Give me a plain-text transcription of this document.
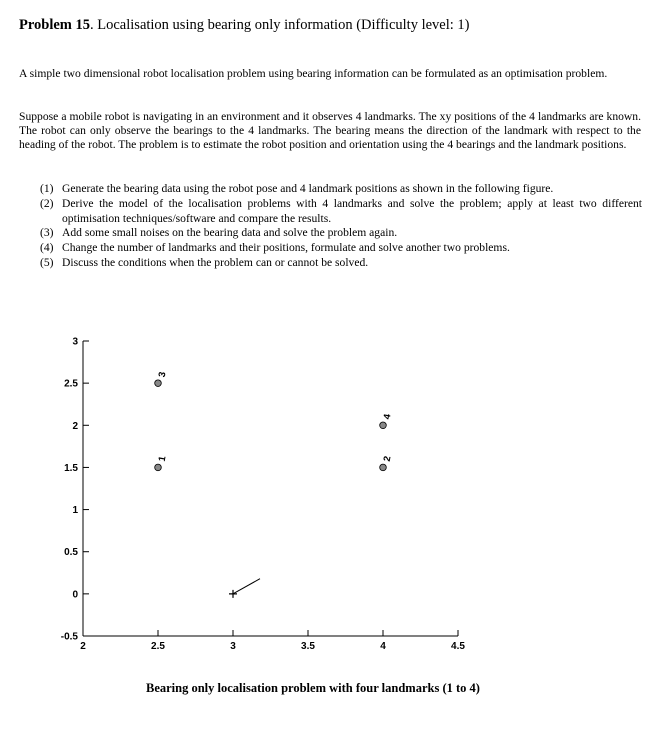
Problem 15. Localisation using bearing only information (Difficulty level: 1)

A simple two dimensional robot localisation problem using bearing information can be formulated as an optimisation problem.

Suppose a mobile robot is navigating in an environment and it observes 4 landmarks. The xy positions of the 4 landmarks are known. The robot can only observe the bearings to the 4 landmarks. The bearing means the direction of the landmark with respect to the heading of the robot. The problem is to estimate the robot position and orientation using the 4 bearings and the landmark positions.

(1) Generate the bearing data using the robot pose and 4 landmark positions as shown in the following figure.
(2) Derive the model of the localisation problems with 4 landmarks and solve the problem; apply at least two different optimisation techniques/software and compare the results.
(3) Add some small noises on the bearing data and solve the problem again.
(4) Change the number of landmarks and their positions, formulate and solve another two problems.
(5) Discuss the conditions when the problem can or cannot be solved.
-0.5
0
0.5
1
1.5
2
2.5
3
2	2.5	3	3.5	4	4.5
1	2
3
4
Bearing only localisation problem with four landmarks (1 to 4)
